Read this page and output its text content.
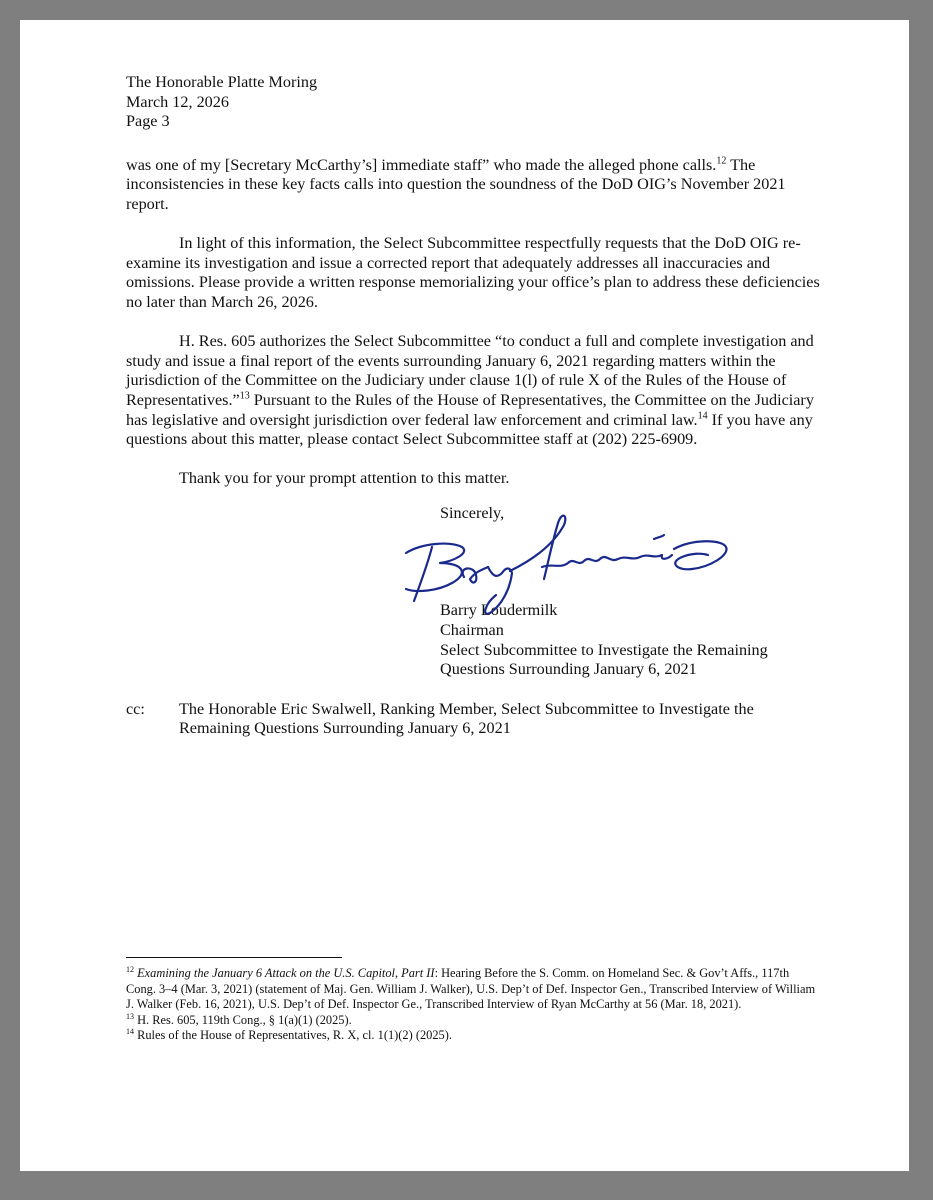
The Honorable Platte Moring
March 12, 2026
Page 3

was one of my [Secretary McCarthy’s] immediate staff” who made the alleged phone calls.$^{12}$ The inconsistencies in these key facts calls into question the soundness of the DoD OIG’s November 2021 report.

In light of this information, the Select Subcommittee respectfully requests that the DoD OIG re-examine its investigation and issue a corrected report that adequately addresses all inaccuracies and omissions. Please provide a written response memorializing your office’s plan to address these deficiencies no later than March 26, 2026.

H. Res. 605 authorizes the Select Subcommittee “to conduct a full and complete investigation and study and issue a final report of the events surrounding January 6, 2021 regarding matters within the jurisdiction of the Committee on the Judiciary under clause 1(l) of rule X of the Rules of the House of Representatives.”$^{13}$ Pursuant to the Rules of the House of Representatives, the Committee on the Judiciary has legislative and oversight jurisdiction over federal law enforcement and criminal law.$^{14}$ If you have any questions about this matter, please contact Select Subcommittee staff at (202) 225-6909.

Thank you for your prompt attention to this matter.

Sincerely,
Barry Loudermilk
Chairman
Select Subcommittee to Investigate the Remaining
Questions Surrounding January 6, 2021
cc:	The Honorable Eric Swalwell, Ranking Member, Select Subcommittee to Investigate the Remaining Questions Surrounding January 6, 2021
$^{12}$ Examining the January 6 Attack on the U.S. Capitol, Part II: Hearing Before the S. Comm. on Homeland Sec. & Gov’t Affs., 117th Cong. 3–4 (Mar. 3, 2021) (statement of Maj. Gen. William J. Walker), U.S. Dep’t of Def. Inspector Gen., Transcribed Interview of William J. Walker (Feb. 16, 2021), U.S. Dep’t of Def. Inspector Ge., Transcribed Interview of Ryan McCarthy at 56 (Mar. 18, 2021).
$^{13}$ H. Res. 605, 119th Cong., § 1(a)(1) (2025).
$^{14}$ Rules of the House of Representatives, R. X, cl. 1(1)(2) (2025).
